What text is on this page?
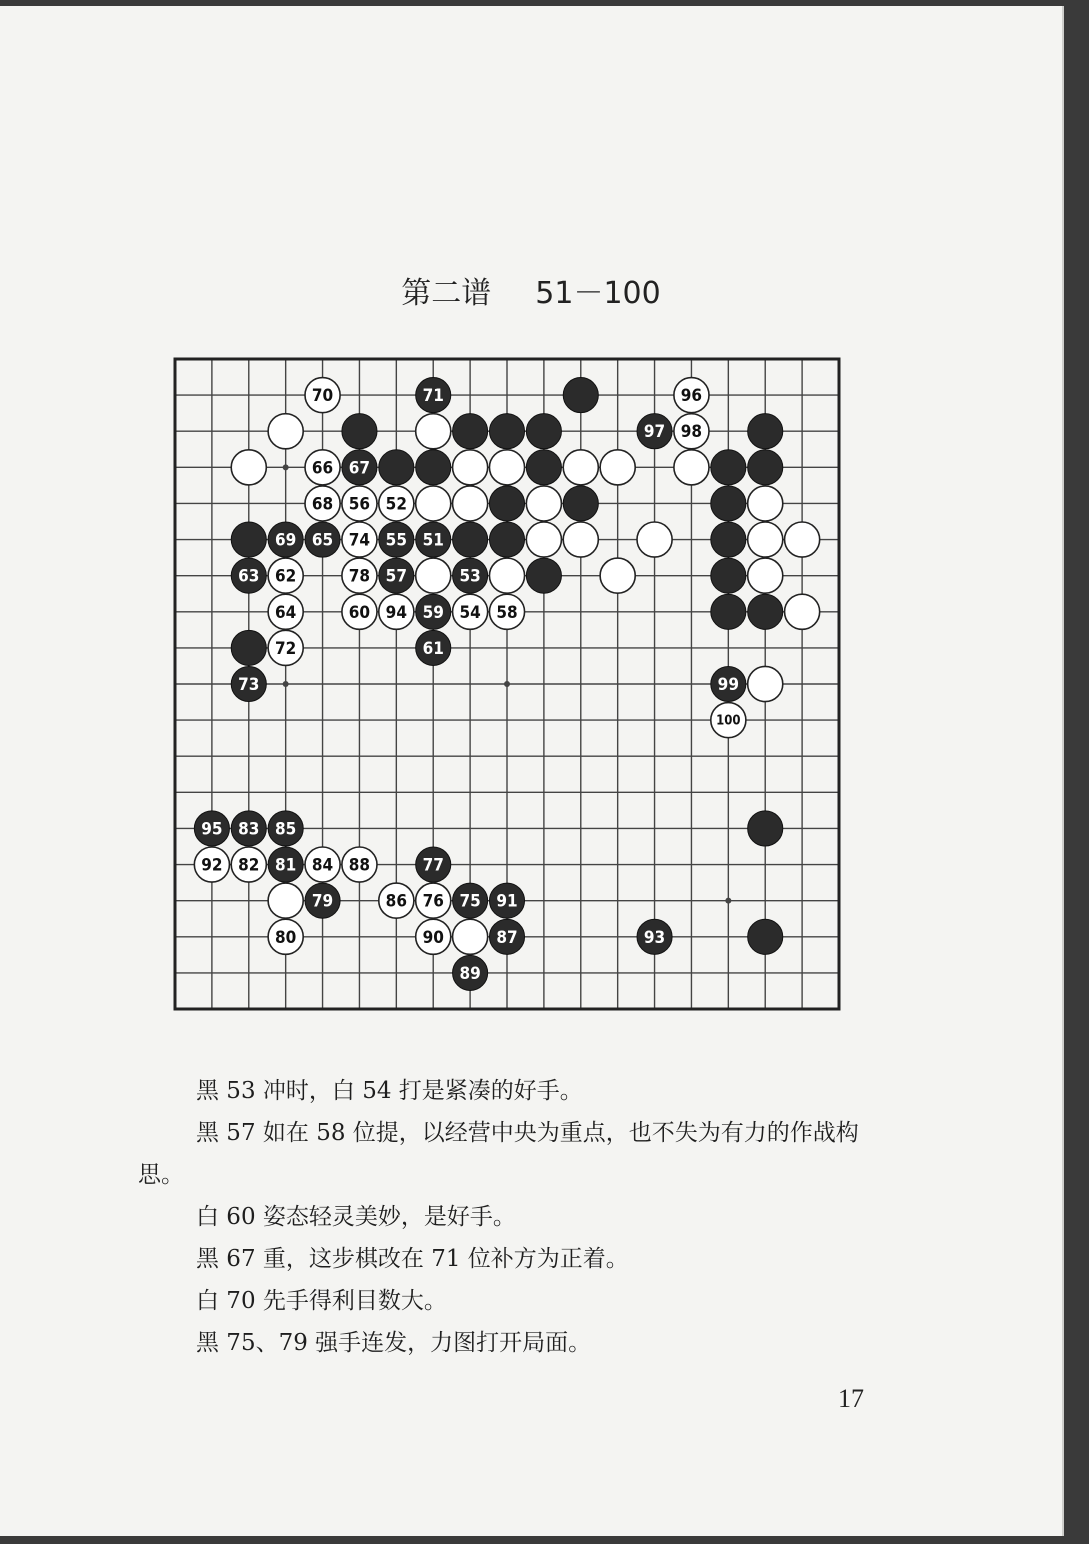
第二谱 51－100
70	71	96
97 98
66 67
68 56 52
69 65 74 55 51
63 62	78 57	53
64	60 94 59 54 58
72	61
73	99
100
95 83 85
92 82 81 84 88	77
79	86 76 75 91
80	90	87	93
89

黑 53 冲时，白 54 打是紧凑的好手。

黑 57 如在 58 位提，以经营中央为重点，也不失为有力的作战构思。

白 60 姿态轻灵美妙，是好手。

黑 67 重，这步棋改在 71 位补方为正着。

白 70 先手得利目数大。

黑 75、79 强手连发，力图打开局面。

17
